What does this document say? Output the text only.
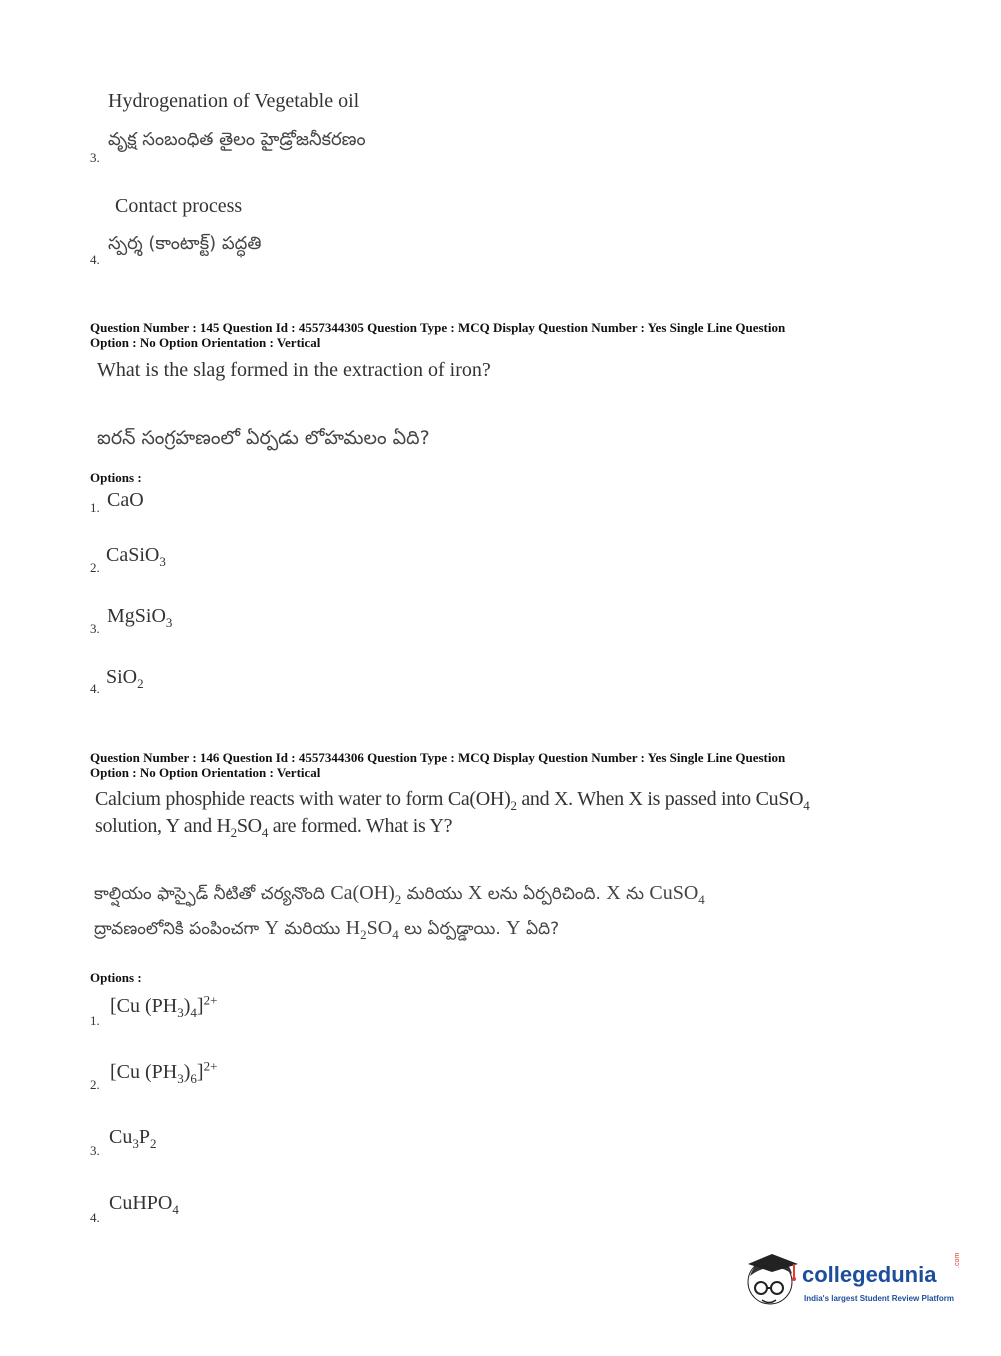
Hydrogenation of Vegetable oil
వృక్ష సంబంధిత తైలం హైడ్రోజనీకరణం
3.
Contact process
స్పర్శ (కాంటాక్ట్) పద్ధతి
4.
Question Number : 145 Question Id : 4557344305 Question Type : MCQ Display Question Number : Yes Single Line Question
Option : No Option Orientation : Vertical
What is the slag formed in the extraction of iron?
ఐరన్ సంగ్రహణంలో ఏర్పడు లోహమలం ఏది?
Options :
1. CaO
2.
CaSiO$_3$
3.
MgSiO$_3$
4.
SiO$_2$
Question Number : 146 Question Id : 4557344306 Question Type : MCQ Display Question Number : Yes Single Line Question
Option : No Option Orientation : Vertical
Calcium phosphide reacts with water to form $Ca(OH)_2$ and X. When X is passed into CuSO$_4$
solution, Y and $H_2SO_4$ are formed. What is Y?
కాల్షియం ఫాస్ఫైడ్ నీటితో చర్యనొంది $Ca(OH)_2$ మరియు X లను ఏర్పరిచింది. X ను CuSO$_4$
ద్రావణంలోనికి పంపించగా Y మరియు $H_2SO_4$ లు ఏర్పడ్డాయి. Y ఏది?
Options :
1.
[Cu $(PH_3)_4]^{2+}$
2.
[Cu $(PH_3)_6]^{2+}$
3.
$Cu_3P_2$
4.
CuHPO$_4$
collegedunia
.com
India's largest Student Review Platform
